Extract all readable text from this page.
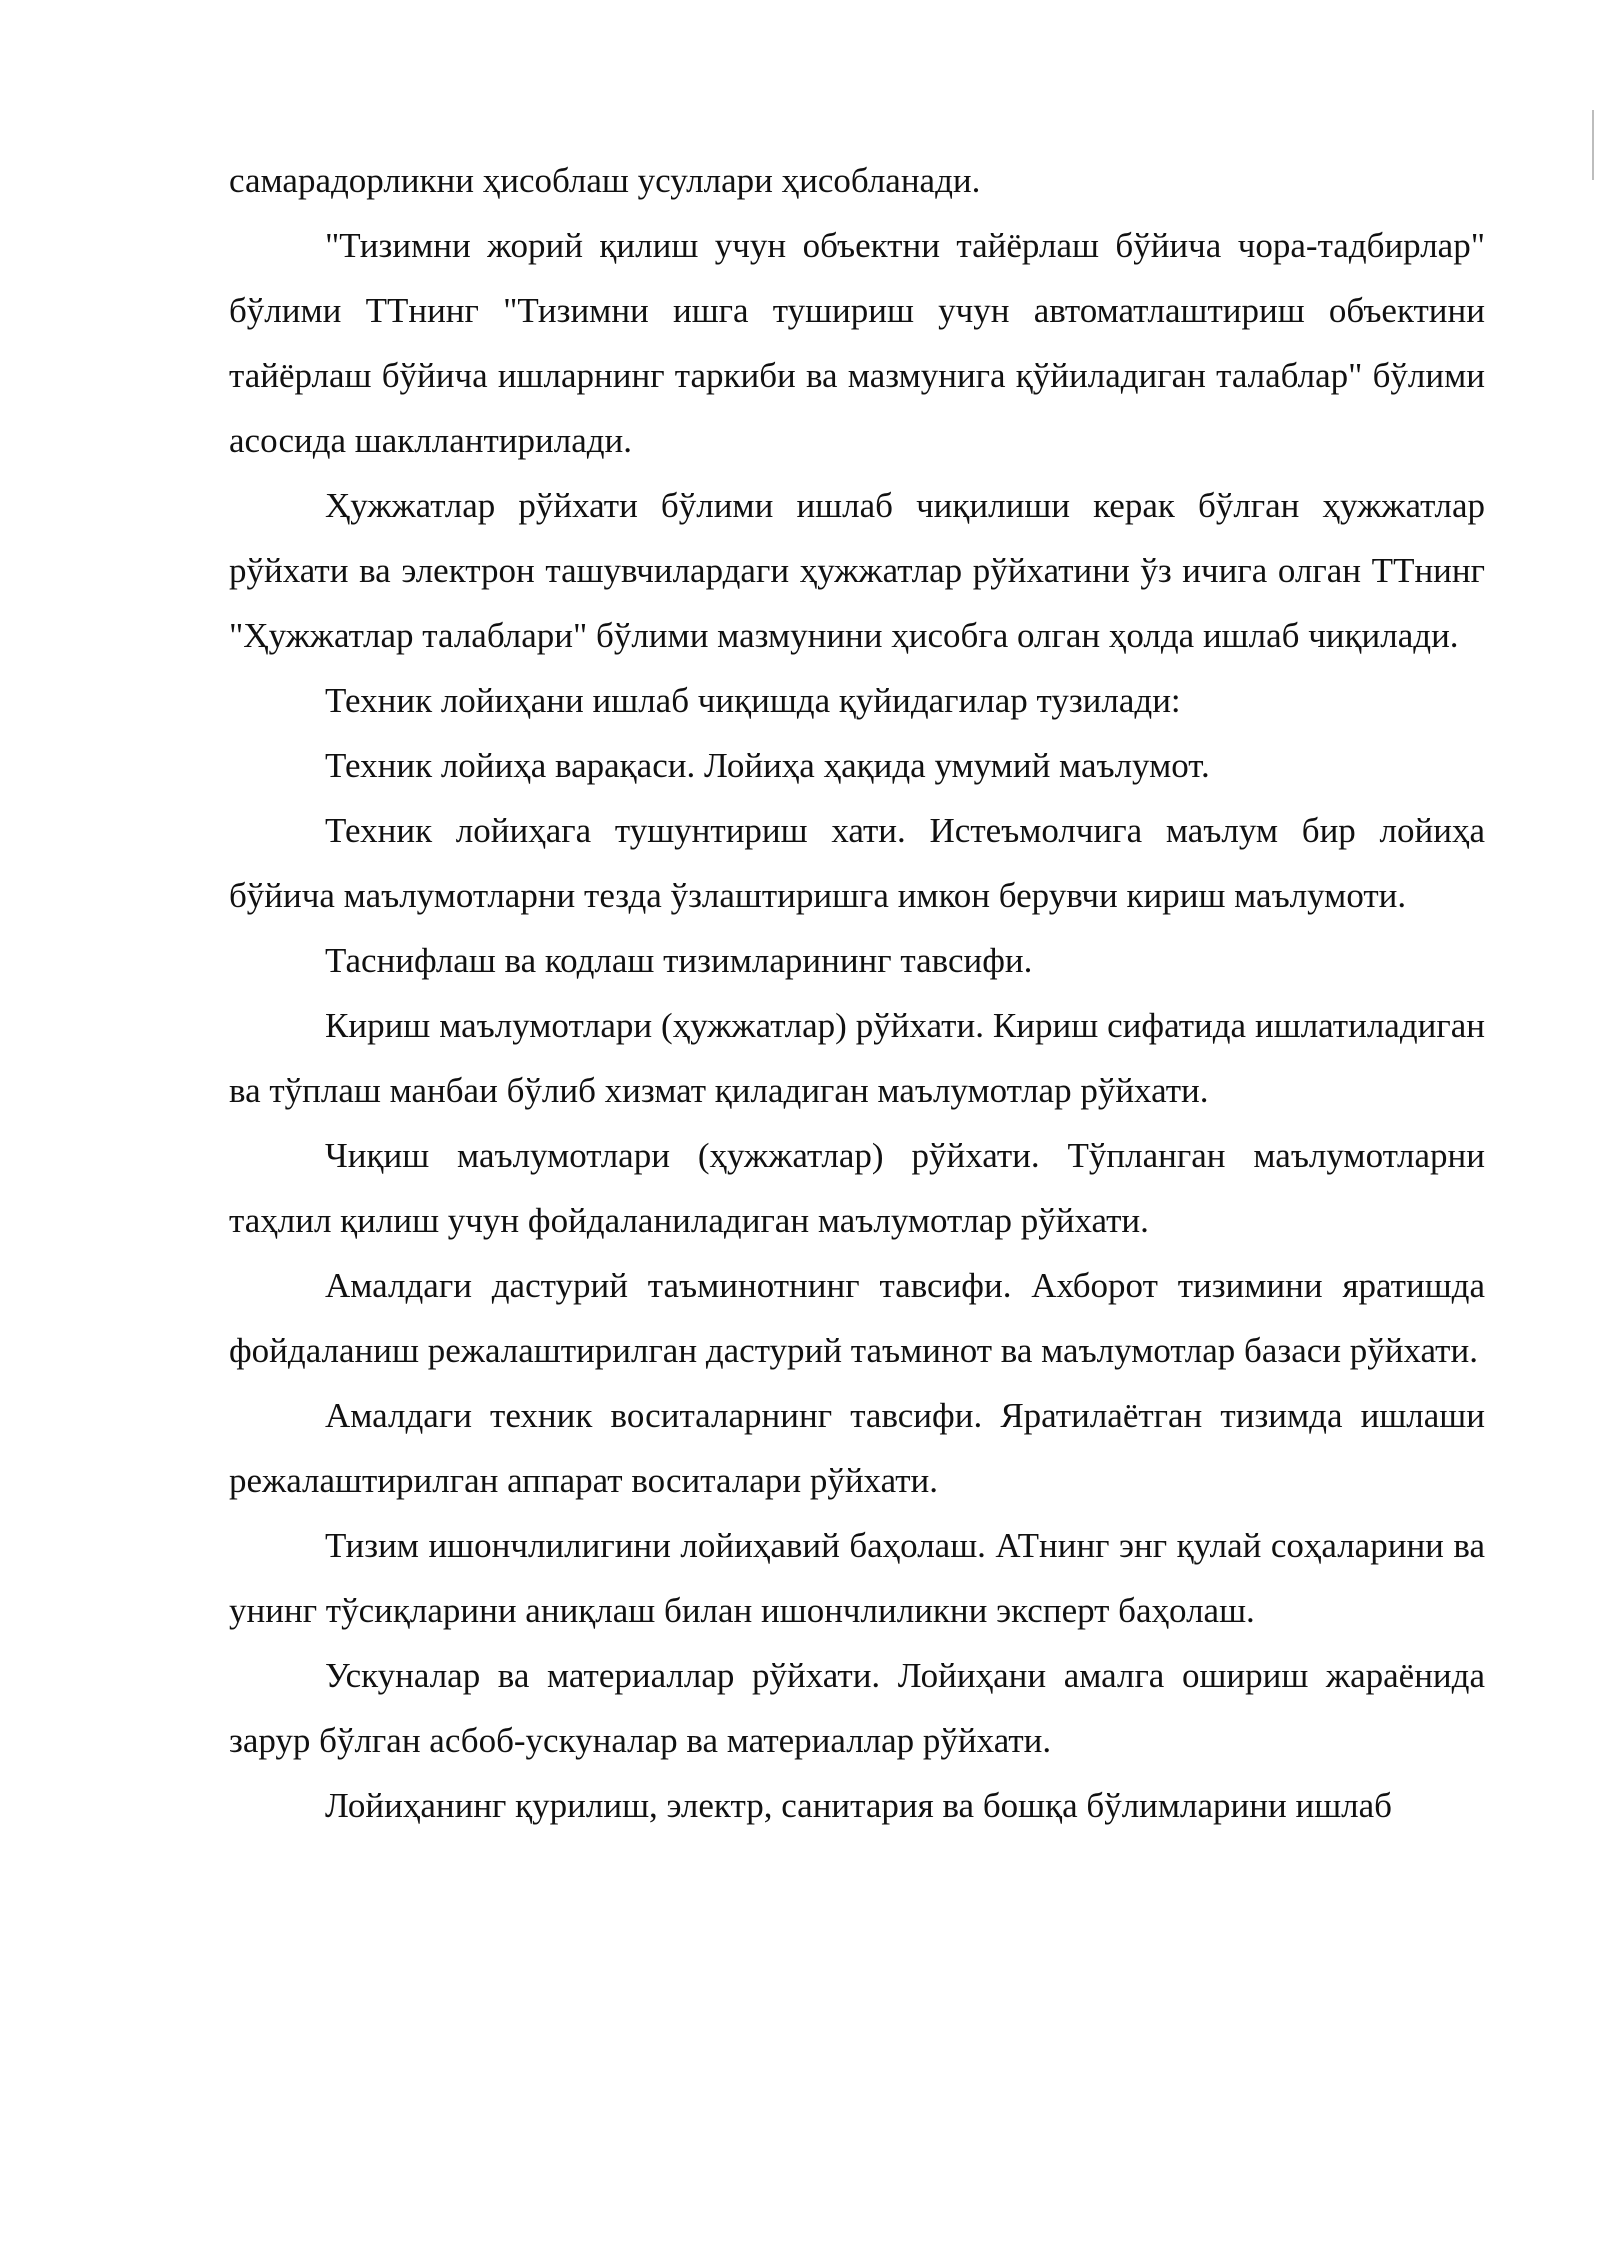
самарадорликни ҳисоблаш усуллари ҳисобланади.

"Тизимни жорий қилиш учун объектни тайёрлаш бўйича чора-тадбирлар" бўлими ТТнинг "Тизимни ишга тушириш учун автоматлаштириш объектини тайёрлаш бўйича ишларнинг таркиби ва мазмунига қўйиладиган талаблар" бўлими асосида шакллантирилади.

Ҳужжатлар рўйхати бўлими ишлаб чиқилиши керак бўлган ҳужжатлар рўйхати ва электрон ташувчилардаги ҳужжатлар рўйхатини ўз ичига олган ТТнинг "Ҳужжатлар талаблари" бўлими мазмунини ҳисобга олган ҳолда ишлаб чиқилади.

Техник лойиҳани ишлаб чиқишда қуйидагилар тузилади:

Техник лойиҳа варақаси. Лойиҳа ҳақида умумий маълумот.

Техник лойиҳага тушунтириш хати. Истеъмолчига маълум бир лойиҳа бўйича маълумотларни тезда ўзлаштиришга имкон берувчи кириш маълумоти.

Таснифлаш ва кодлаш тизимларининг тавсифи.

Кириш маълумотлари (ҳужжатлар) рўйхати. Кириш сифатида ишлатиладиган ва тўплаш манбаи бўлиб хизмат қиладиган маълумотлар рўйхати.

Чиқиш маълумотлари (ҳужжатлар) рўйхати. Тўпланган маълумотларни таҳлил қилиш учун фойдаланиладиган маълумотлар рўйхати.

Амалдаги дастурий таъминотнинг тавсифи. Ахборот тизимини яратишда фойдаланиш режалаштирилган дастурий таъминот ва маълумотлар базаси рўйхати.

Амалдаги техник воситаларнинг тавсифи. Яратилаётган тизимда ишлаши режалаштирилган аппарат воситалари рўйхати.

Тизим ишончлилигини лойиҳавий баҳолаш. АТнинг энг қулай соҳаларини ва унинг тўсиқларини аниқлаш билан ишончлиликни эксперт баҳолаш.

Ускуналар ва материаллар рўйхати. Лойиҳани амалга ошириш жараёнида зарур бўлган асбоб-ускуналар ва материаллар рўйхати.

Лойиҳанинг қурилиш, электр, санитария ва бошқа бўлимларини ишлаб
